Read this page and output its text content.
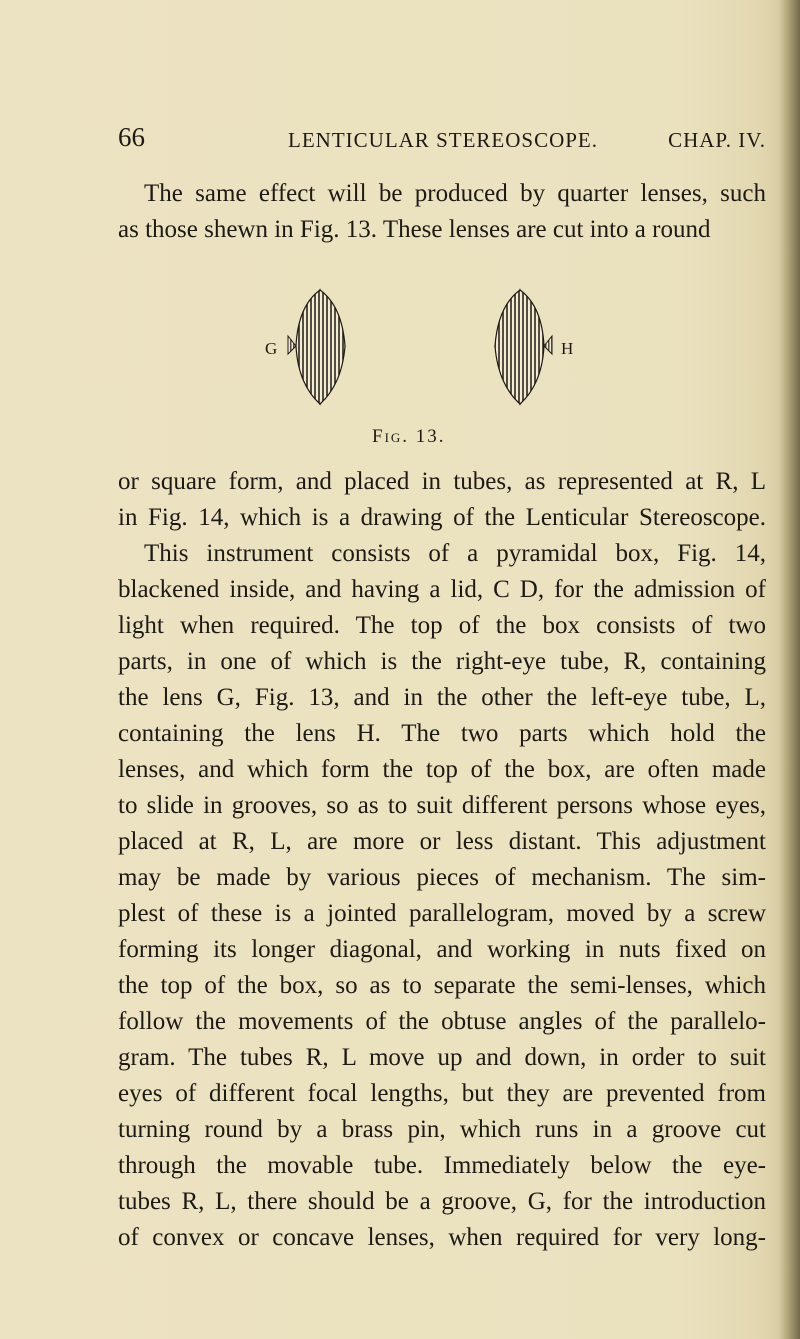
66	LENTICULAR STEREOSCOPE.	CHAP. IV.
The same effect will be produced by quarter lenses, such
as those shewn in Fig. 13. These lenses are cut into a round
G	H
Fig. 13.
or square form, and placed in tubes, as represented at R, L
in Fig. 14, which is a drawing of the Lenticular Stereoscope.
This instrument consists of a pyramidal box, Fig. 14,
blackened inside, and having a lid, C D, for the admission of
light when required. The top of the box consists of two
parts, in one of which is the right-eye tube, R, containing
the lens G, Fig. 13, and in the other the left-eye tube, L,
containing the lens H. The two parts which hold the
lenses, and which form the top of the box, are often made
to slide in grooves, so as to suit different persons whose eyes,
placed at R, L, are more or less distant. This adjustment
may be made by various pieces of mechanism. The sim-
plest of these is a jointed parallelogram, moved by a screw
forming its longer diagonal, and working in nuts fixed on
the top of the box, so as to separate the semi-lenses, which
follow the movements of the obtuse angles of the parallelo-
gram. The tubes R, L move up and down, in order to suit
eyes of different focal lengths, but they are prevented from
turning round by a brass pin, which runs in a groove cut
through the movable tube. Immediately below the eye-
tubes R, L, there should be a groove, G, for the introduction
of convex or concave lenses, when required for very long-
